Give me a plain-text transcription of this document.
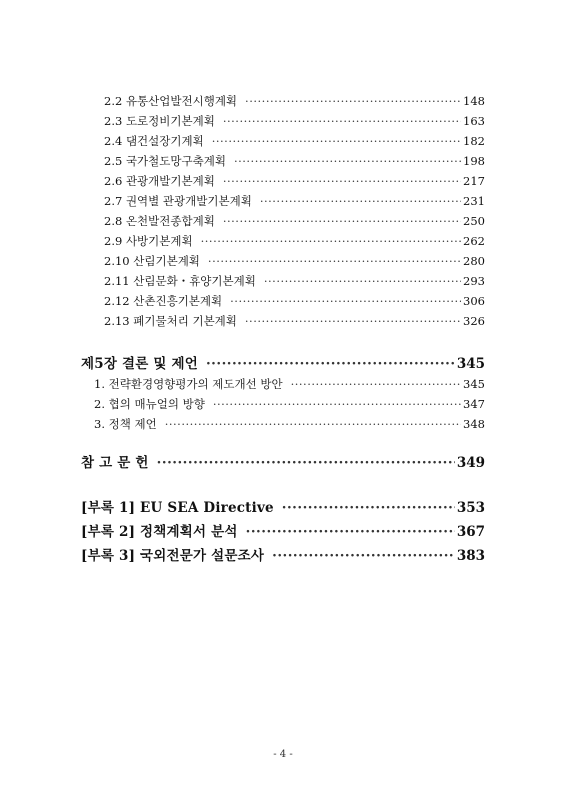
2.2 유통산업발전시행계획 ·····	148
2.3 도로정비기본계획 ·····	163
2.4 댐건설장기계획 ·····	182
2.5 국가철도망구축계획 ·····	198
2.6 관광개발기본계획 ·····	217
2.7 권역별 관광개발기본계획 ·····	231
2.8 온천발전종합계획 ·····	250
2.9 사방기본계획 ·····	262
2.10 산림기본계획 ·····	280
2.11 산림문화・휴양기본계획 ·····	293
2.12 산촌진흥기본계획 ·····	306
2.13 폐기물처리 기본계획 ·····	326
제5장 결론 및 제언 ·····	345
1. 전략환경영향평가의 제도개선 방안 ·····	345
2. 협의 매뉴얼의 방향 ·····	347
3. 정책 제언 ·····	348
참 고 문 헌 ·····	349
[부록 1] EU SEA Directive ·····	353
[부록 2] 정책계획서 분석 ·····	367
[부록 3] 국외전문가 설문조사 ·····	383
- 4 -
